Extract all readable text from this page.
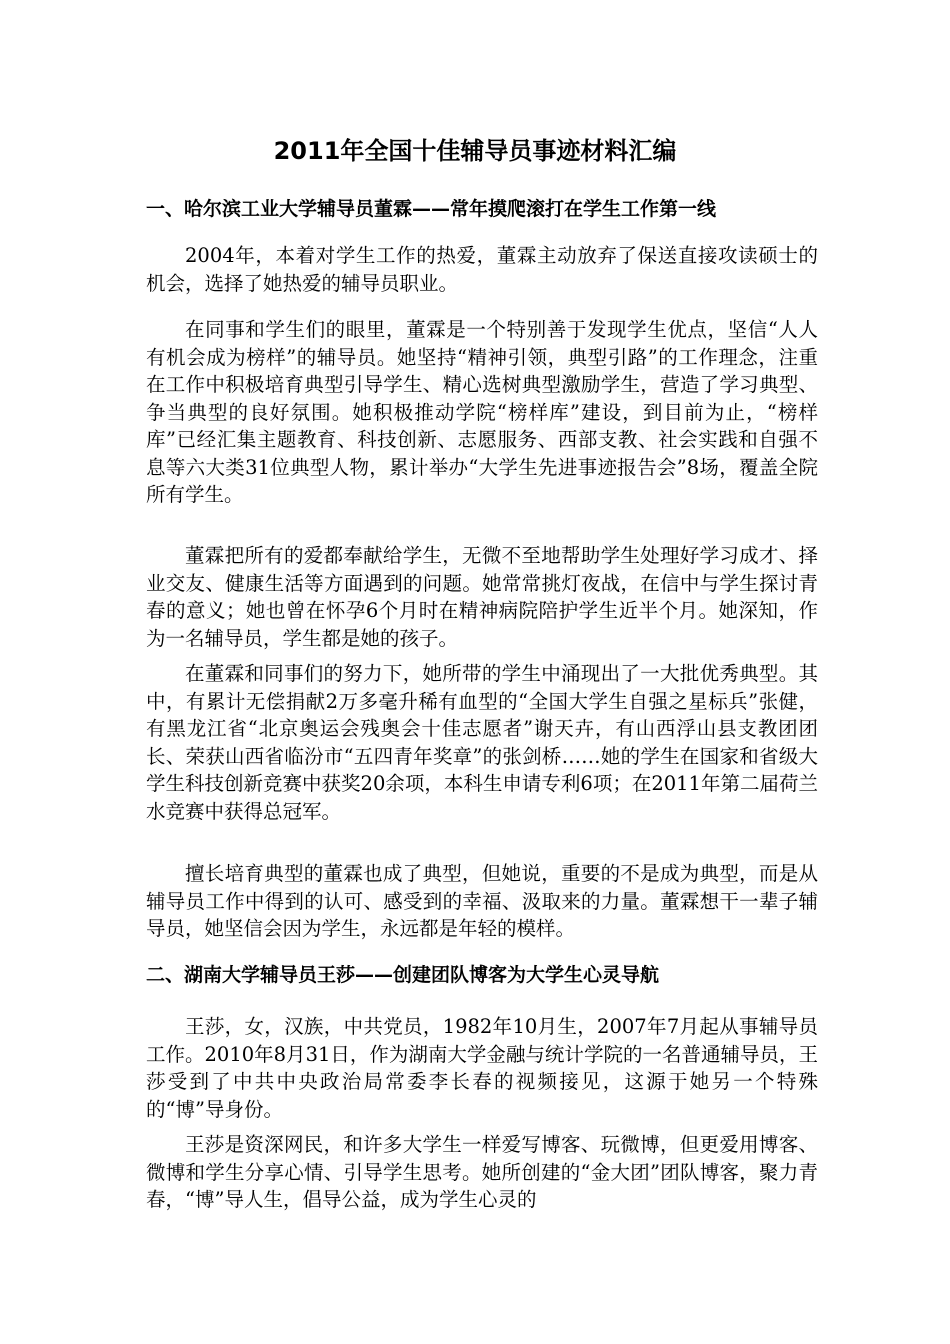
2011年全国十佳辅导员事迹材料汇编
一、哈尔滨工业大学辅导员董霖——常年摸爬滚打在学生工作第一线

2004年，本着对学生工作的热爱，董霖主动放弃了保送直接攻读硕士的机会，选择了她热爱的辅导员职业。

在同事和学生们的眼里，董霖是一个特别善于发现学生优点，坚信“人人有机会成为榜样”的辅导员。她坚持“精神引领，典型引路”的工作理念，注重在工作中积极培育典型引导学生、精心选树典型激励学生，营造了学习典型、争当典型的良好氛围。她积极推动学院“榜样库”建设，到目前为止，“榜样库”已经汇集主题教育、科技创新、志愿服务、西部支教、社会实践和自强不息等六大类31位典型人物，累计举办“大学生先进事迹报告会”8场，覆盖全院所有学生。

董霖把所有的爱都奉献给学生，无微不至地帮助学生处理好学习成才、择业交友、健康生活等方面遇到的问题。她常常挑灯夜战，在信中与学生探讨青春的意义；她也曾在怀孕6个月时在精神病院陪护学生近半个月。她深知，作为一名辅导员，学生都是她的孩子。

在董霖和同事们的努力下，她所带的学生中涌现出了一大批优秀典型。其中，有累计无偿捐献2万多毫升稀有血型的“全国大学生自强之星标兵”张健，有黑龙江省“北京奥运会残奥会十佳志愿者”谢天卉，有山西浮山县支教团团长、荣获山西省临汾市“五四青年奖章”的张剑桥……她的学生在国家和省级大学生科技创新竞赛中获奖20余项，本科生申请专利6项；在2011年第二届荷兰水竞赛中获得总冠军。

擅长培育典型的董霖也成了典型，但她说，重要的不是成为典型，而是从辅导员工作中得到的认可、感受到的幸福、汲取来的力量。董霖想干一辈子辅导员，她坚信会因为学生，永远都是年轻的模样。

二、湖南大学辅导员王莎——创建团队博客为大学生心灵导航

王莎，女，汉族，中共党员，1982年10月生，2007年7月起从事辅导员工作。2010年8月31日，作为湖南大学金融与统计学院的一名普通辅导员，王莎受到了中共中央政治局常委李长春的视频接见，这源于她另一个特殊的“博”导身份。

王莎是资深网民，和许多大学生一样爱写博客、玩微博，但更爱用博客、微博和学生分享心情、引导学生思考。她所创建的“金大团”团队博客，聚力青春，“博”导人生，倡导公益，成为学生心灵的
